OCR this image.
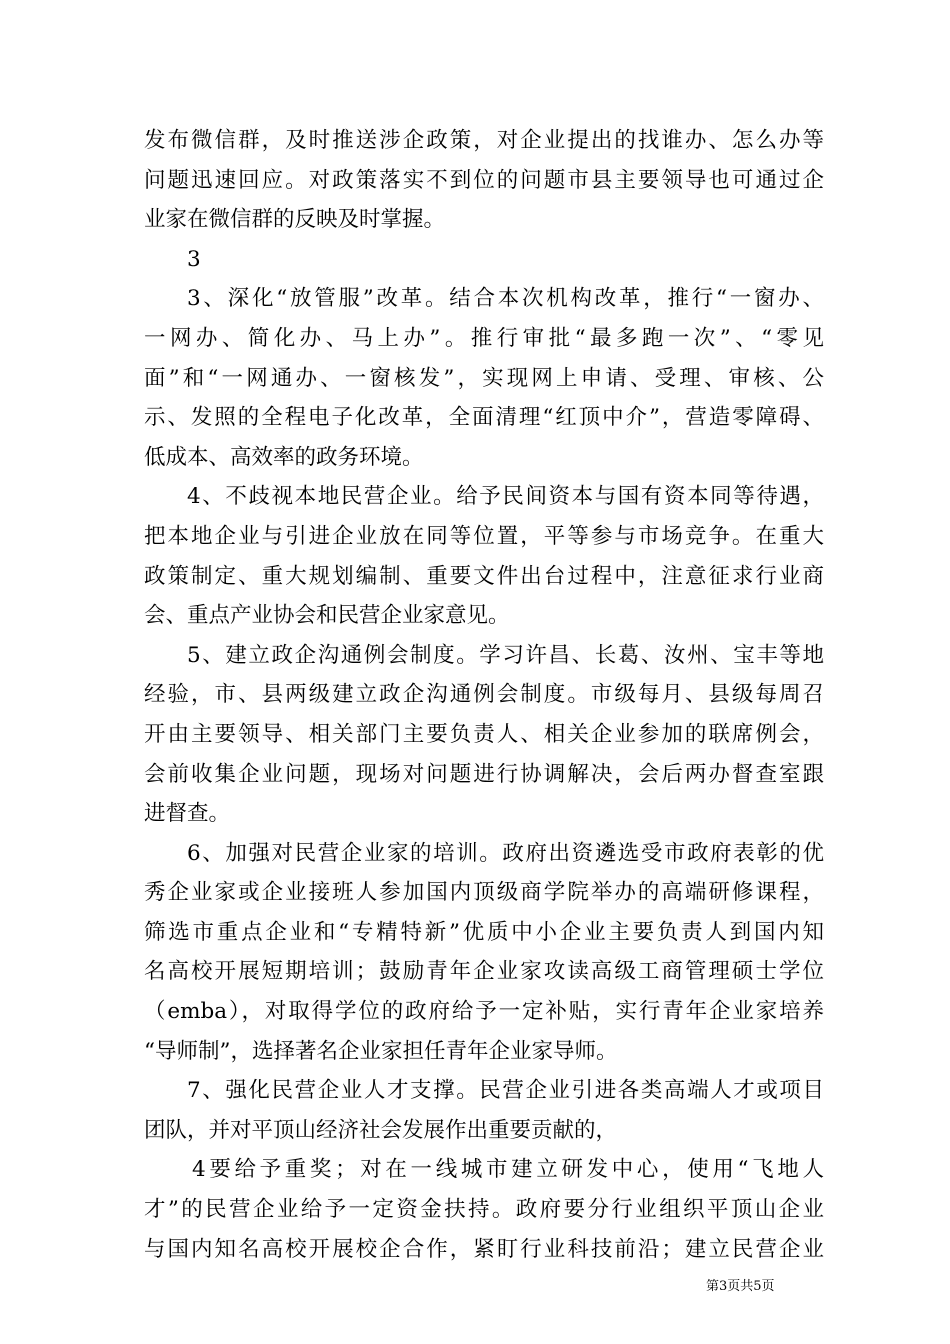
发布微信群，及时推送涉企政策，对企业提出的找谁办、怎么办等
问题迅速回应。对政策落实不到位的问题市县主要领导也可通过企
业家在微信群的反映及时掌握。
3
3、深化“放管服”改革。结合本次机构改革，推行“一窗办、
一网办、简化办、马上办”。推行审批“最多跑一次”、“零见
面”和“一网通办、一窗核发”，实现网上申请、受理、审核、公
示、发照的全程电子化改革，全面清理“红顶中介”，营造零障碍、
低成本、高效率的政务环境。
4、不歧视本地民营企业。给予民间资本与国有资本同等待遇，
把本地企业与引进企业放在同等位置，平等参与市场竞争。在重大
政策制定、重大规划编制、重要文件出台过程中，注意征求行业商
会、重点产业协会和民营企业家意见。
5、建立政企沟通例会制度。学习许昌、长葛、汝州、宝丰等地
经验，市、县两级建立政企沟通例会制度。市级每月、县级每周召
开由主要领导、相关部门主要负责人、相关企业参加的联席例会，
会前收集企业问题，现场对问题进行协调解决，会后两办督查室跟
进督查。
6、加强对民营企业家的培训。政府出资遴选受市政府表彰的优
秀企业家或企业接班人参加国内顶级商学院举办的高端研修课程，
筛选市重点企业和“专精特新”优质中小企业主要负责人到国内知
名高校开展短期培训；鼓励青年企业家攻读高级工商管理硕士学位
（emba），对取得学位的政府给予一定补贴，实行青年企业家培养
“导师制”，选择著名企业家担任青年企业家导师。
7、强化民营企业人才支撑。民营企业引进各类高端人才或项目
团队，并对平顶山经济社会发展作出重要贡献的，
4要给予重奖；对在一线城市建立研发中心，使用“飞地人
才”的民营企业给予一定资金扶持。政府要分行业组织平顶山企业
与国内知名高校开展校企合作，紧盯行业科技前沿；建立民营企业
第3页共5页
